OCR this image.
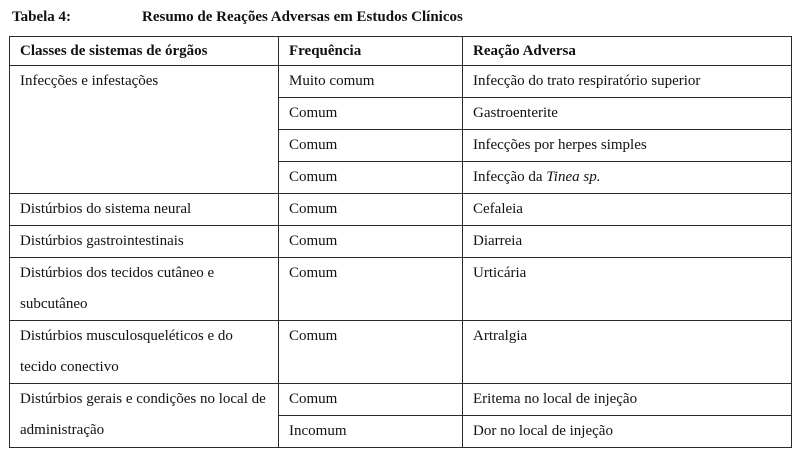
Tabela 4:	Resumo de Reações Adversas em Estudos Clínicos
Classes de sistemas de órgãos	Frequência	Reação Adversa
Infecções e infestações	Muito comum	Infecção do trato respiratório superior
	Comum	Gastroenterite
	Comum	Infecções por herpes simples
	Comum	Infecção da Tinea sp.
Distúrbios do sistema neural	Comum	Cefaleia
Distúrbios gastrointestinais	Comum	Diarreia
Distúrbios dos tecidos cutâneo e subcutâneo	Comum	Urticária
Distúrbios musculosqueléticos e do tecido conectivo	Comum	Artralgia
Distúrbios gerais e condições no local de administração	Comum	Eritema no local de injeção
	Incomum	Dor no local de injeção
